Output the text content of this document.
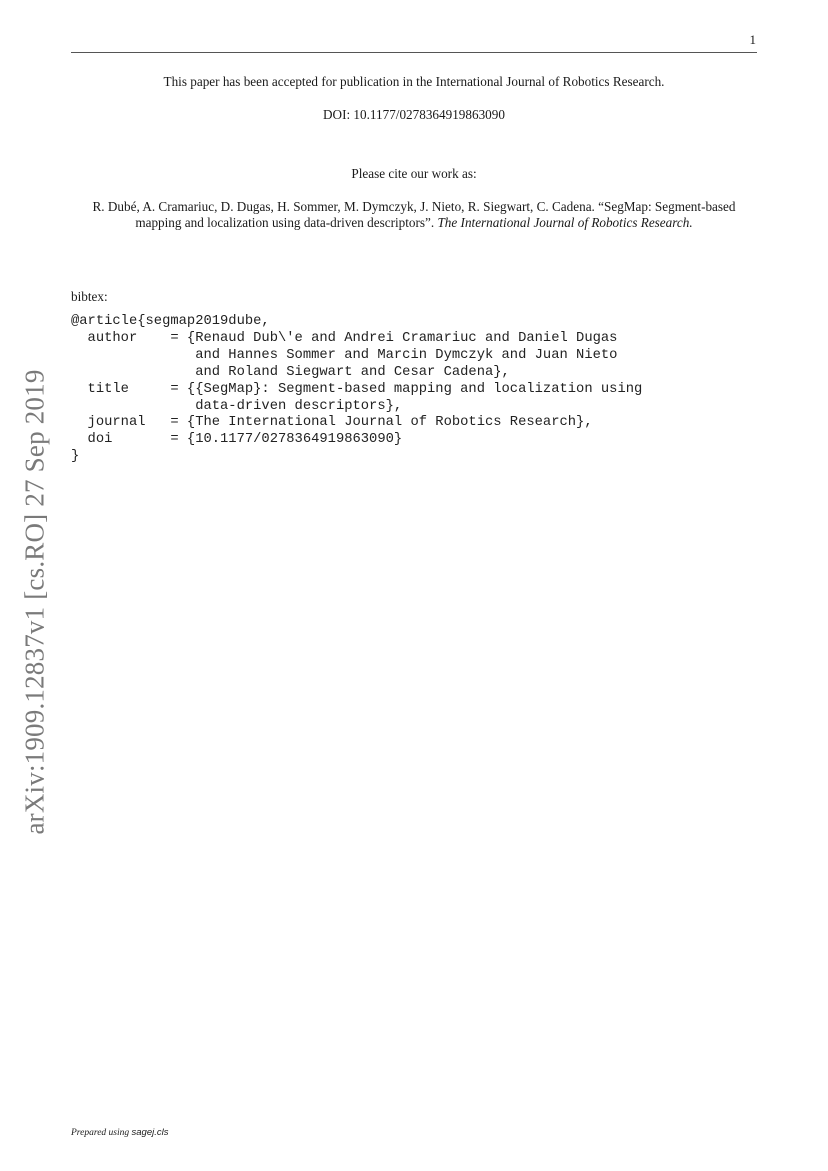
1
This paper has been accepted for publication in the International Journal of Robotics Research.
DOI: 10.1177/0278364919863090
Please cite our work as:
R. Dubé, A. Cramariuc, D. Dugas, H. Sommer, M. Dymczyk, J. Nieto, R. Siegwart, C. Cadena. “SegMap: Segment-based mapping and localization using data-driven descriptors”. The International Journal of Robotics Research.
bibtex:
@article{segmap2019dube,
author    = {Renaud Dub\'e and Andrei Cramariuc and Daniel Dugas
and Hannes Sommer and Marcin Dymczyk and Juan Nieto
and Roland Siegwart and Cesar Cadena},
title     = {{SegMap}: Segment-based mapping and localization using
data-driven descriptors},
journal   = {The International Journal of Robotics Research},
doi       = {10.1177/0278364919863090}
}
arXiv:1909.12837v1 [cs.RO] 27 Sep 2019
Prepared using sagej.cls
